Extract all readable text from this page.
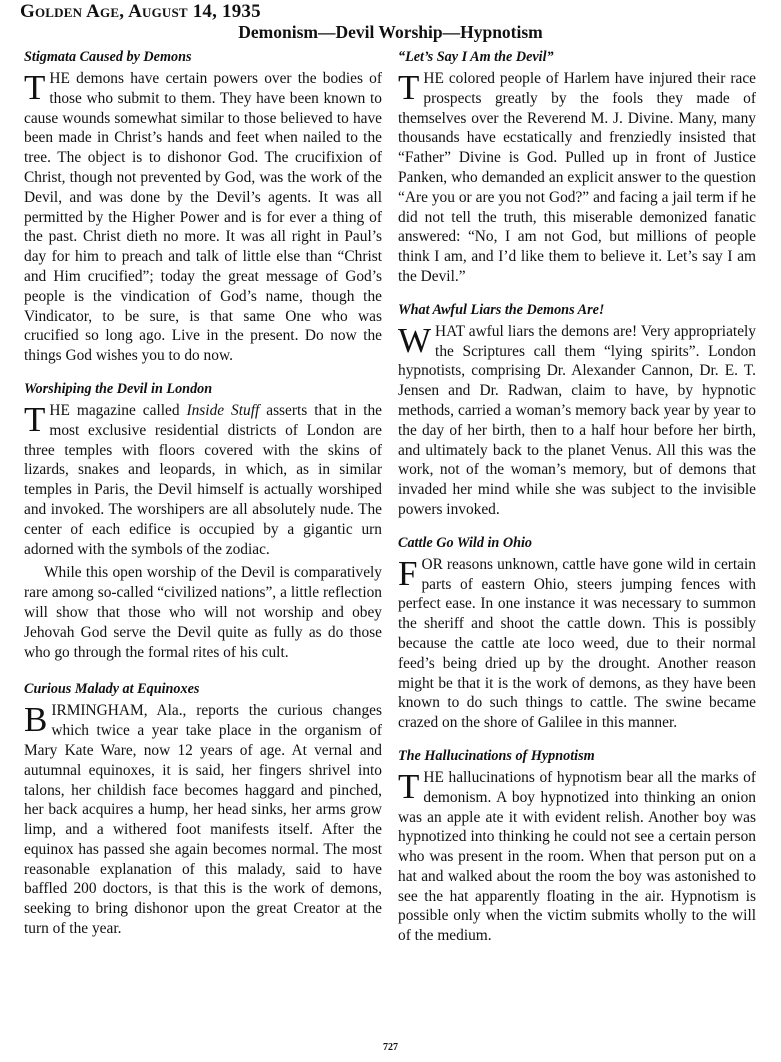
Golden Age, August 14, 1935
Demonism—Devil Worship—Hypnotism
Stigmata Caused by Demons

THE demons have certain powers over the bodies of those who submit to them. They have been known to cause wounds somewhat similar to those believed to have been made in Christ’s hands and feet when nailed to the tree. The object is to dishonor God. The crucifixion of Christ, though not prevented by God, was the work of the Devil, and was done by the Devil’s agents. It was all permitted by the Higher Power and is for ever a thing of the past. Christ dieth no more. It was all right in Paul’s day for him to preach and talk of little else than “Christ and Him crucified”; today the great message of God’s people is the vindication of God’s name, though the Vindicator, to be sure, is that same One who was crucified so long ago. Live in the present. Do now the things God wishes you to do now.

Worshiping the Devil in London

THE magazine called Inside Stuff asserts that in the most exclusive residential districts of London are three temples with floors covered with the skins of lizards, snakes and leopards, in which, as in similar temples in Paris, the Devil himself is actually worshiped and invoked. The worshipers are all absolutely nude. The center of each edifice is occupied by a gigantic urn adorned with the symbols of the zodiac.

While this open worship of the Devil is comparatively rare among so-called “civilized nations”, a little reflection will show that those who will not worship and obey Jehovah God serve the Devil quite as fully as do those who go through the formal rites of his cult.

Curious Malady at Equinoxes

BIRMINGHAM, Ala., reports the curious changes which twice a year take place in the organism of Mary Kate Ware, now 12 years of age. At vernal and autumnal equinoxes, it is said, her fingers shrivel into talons, her childish face becomes haggard and pinched, her back acquires a hump, her head sinks, her arms grow limp, and a withered foot manifests itself. After the equinox has passed she again becomes normal. The most reasonable explanation of this malady, said to have baffled 200 doctors, is that this is the work of demons, seeking to bring dishonor upon the great Creator at the turn of the year.

“Let’s Say I Am the Devil”

THE colored people of Harlem have injured their race prospects greatly by the fools they made of themselves over the Reverend M. J. Divine. Many, many thousands have ecstatically and frenziedly insisted that “Father” Divine is God. Pulled up in front of Justice Panken, who demanded an explicit answer to the question “Are you or are you not God?” and facing a jail term if he did not tell the truth, this miserable demonized fanatic answered: “No, I am not God, but millions of people think I am, and I’d like them to believe it. Let’s say I am the Devil.”

What Awful Liars the Demons Are!

WHAT awful liars the demons are! Very appropriately the Scriptures call them “lying spirits”. London hypnotists, comprising Dr. Alexander Cannon, Dr. E. T. Jensen and Dr. Radwan, claim to have, by hypnotic methods, carried a woman’s memory back year by year to the day of her birth, then to a half hour before her birth, and ultimately back to the planet Venus. All this was the work, not of the woman’s memory, but of demons that invaded her mind while she was subject to the invisible powers invoked.

Cattle Go Wild in Ohio

FOR reasons unknown, cattle have gone wild in certain parts of eastern Ohio, steers jumping fences with perfect ease. In one instance it was necessary to summon the sheriff and shoot the cattle down. This is possibly because the cattle ate loco weed, due to their normal feed’s being dried up by the drought. Another reason might be that it is the work of demons, as they have been known to do such things to cattle. The swine became crazed on the shore of Galilee in this manner.

The Hallucinations of Hypnotism

THE hallucinations of hypnotism bear all the marks of demonism. A boy hypnotized into thinking an onion was an apple ate it with evident relish. Another boy was hypnotized into thinking he could not see a certain person who was present in the room. When that person put on a hat and walked about the room the boy was astonished to see the hat apparently floating in the air. Hypnotism is possible only when the victim submits wholly to the will of the medium.

727
